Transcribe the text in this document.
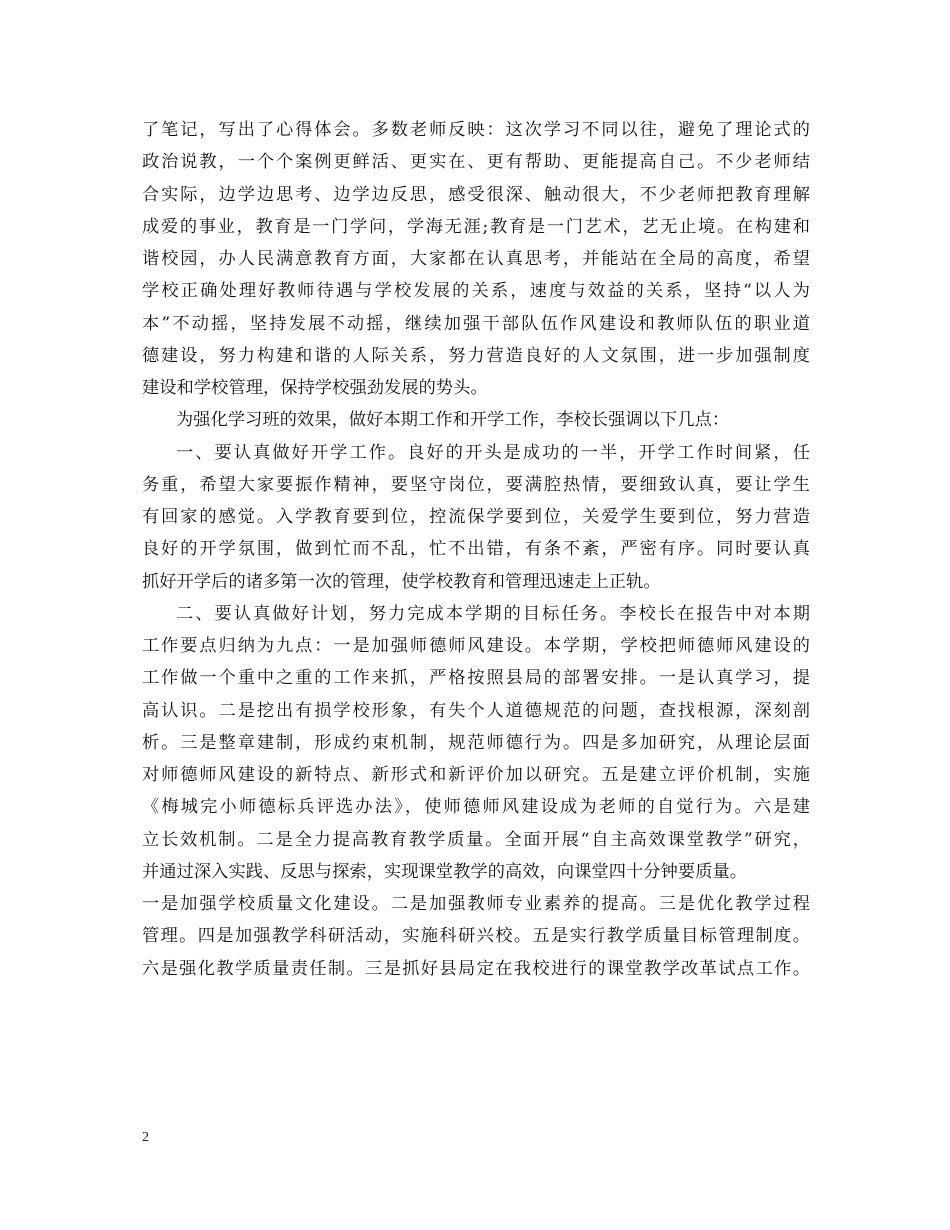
了笔记，写出了心得体会。多数老师反映：这次学习不同以往，避免了理论式的
政治说教，一个个案例更鲜活、更实在、更有帮助、更能提高自己。不少老师结
合实际，边学边思考、边学边反思，感受很深、触动很大，不少老师把教育理解
成爱的事业，教育是一门学问，学海无涯;教育是一门艺术，艺无止境。在构建和
谐校园，办人民满意教育方面，大家都在认真思考，并能站在全局的高度，希望
学校正确处理好教师待遇与学校发展的关系，速度与效益的关系，坚持“以人为
本”不动摇，坚持发展不动摇，继续加强干部队伍作风建设和教师队伍的职业道
德建设，努力构建和谐的人际关系，努力营造良好的人文氛围，进一步加强制度
建设和学校管理，保持学校强劲发展的势头。
为强化学习班的效果，做好本期工作和开学工作，李校长强调以下几点：
一、要认真做好开学工作。良好的开头是成功的一半，开学工作时间紧，任
务重，希望大家要振作精神，要坚守岗位，要满腔热情，要细致认真，要让学生
有回家的感觉。入学教育要到位，控流保学要到位，关爱学生要到位，努力营造
良好的开学氛围，做到忙而不乱，忙不出错，有条不紊，严密有序。同时要认真
抓好开学后的诸多第一次的管理，使学校教育和管理迅速走上正轨。
二、要认真做好计划，努力完成本学期的目标任务。李校长在报告中对本期
工作要点归纳为九点：一是加强师德师风建设。本学期，学校把师德师风建设的
工作做一个重中之重的工作来抓，严格按照县局的部署安排。一是认真学习，提
高认识。二是挖出有损学校形象，有失个人道德规范的问题，查找根源，深刻剖
析。三是整章建制，形成约束机制，规范师德行为。四是多加研究，从理论层面
对师德师风建设的新特点、新形式和新评价加以研究。五是建立评价机制，实施
《梅城完小师德标兵评选办法》，使师德师风建设成为老师的自觉行为。六是建
立长效机制。二是全力提高教育教学质量。全面开展“自主高效课堂教学”研究，
并通过深入实践、反思与探索，实现课堂教学的高效，向课堂四十分钟要质量。
一是加强学校质量文化建设。二是加强教师专业素养的提高。三是优化教学过程
管理。四是加强教学科研活动，实施科研兴校。五是实行教学质量目标管理制度。
六是强化教学质量责任制。三是抓好县局定在我校进行的课堂教学改革试点工作。
2
